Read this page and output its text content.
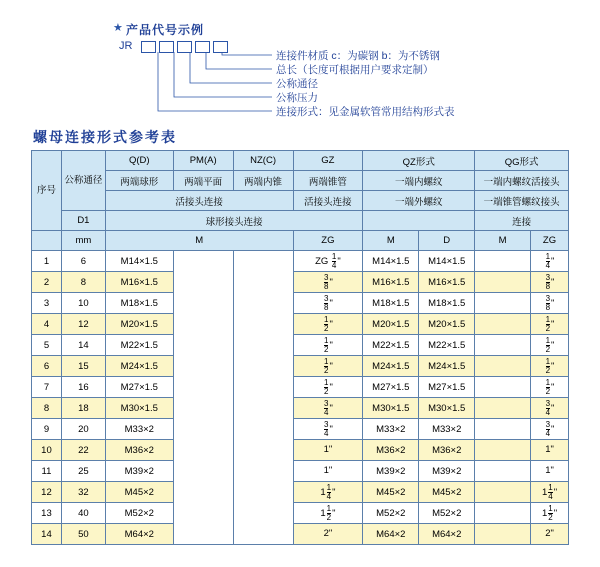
★ 产品代号示例
JR
连接件材质 c：为碳钢 b：为不锈钢
总长（长度可根据用户要求定制）
公称通径
公称压力
连接形式：见金属软管常用结构形式表
螺母连接形式参考表
序号	公称通径	Q(D)	PM(A)	NZ(C)	GZ	QZ形式		QG形式	
		两端球形	两端平面	两端内锥	两端锥管	一端内螺纹		一端内螺纹活接头	
		活接头连接			活接头连接	一端外螺纹		一端锥管螺纹接头	
	D1	球形接头连接						连接	
	mm	M			ZG	M	D	M	ZG
1	6	M14×1.5			ZG $\frac{1}{4}$ "	M14×1.5	M14×1.5		$\frac{1}{4}$ "
2	8	M16×1.5			$\frac{3}{8}$ "	M16×1.5	M16×1.5		$\frac{3}{8}$ "
3	10	M18×1.5			$\frac{3}{8}$ "	M18×1.5	M18×1.5		$\frac{3}{8}$ "
4	12	M20×1.5			$\frac{1}{2}$ "	M20×1.5	M20×1.5		$\frac{1}{2}$ "
5	14	M22×1.5			$\frac{1}{2}$ "	M22×1.5	M22×1.5		$\frac{1}{2}$ "
6	15	M24×1.5			$\frac{1}{2}$ "	M24×1.5	M24×1.5		$\frac{1}{2}$ "
7	16	M27×1.5			$\frac{1}{2}$ "	M27×1.5	M27×1.5		$\frac{1}{2}$ "
8	18	M30×1.5			$\frac{3}{4}$ "	M30×1.5	M30×1.5		$\frac{3}{4}$ "
9	20	M33×2			$\frac{3}{4}$ "	M33×2	M33×2		$\frac{3}{4}$ "
10	22	M36×2			1"	M36×2	M36×2		1"
11	25	M39×2			1"	M39×2	M39×2		1"
12	32	M45×2			$1 \frac{1}{4}$ "	M45×2	M45×2		$1 \frac{1}{4}$ "
13	40	M52×2			$1 \frac{1}{2}$ "	M52×2	M52×2		$1 \frac{1}{2}$ "
14	50	M64×2			2"	M64×2	M64×2		2"
